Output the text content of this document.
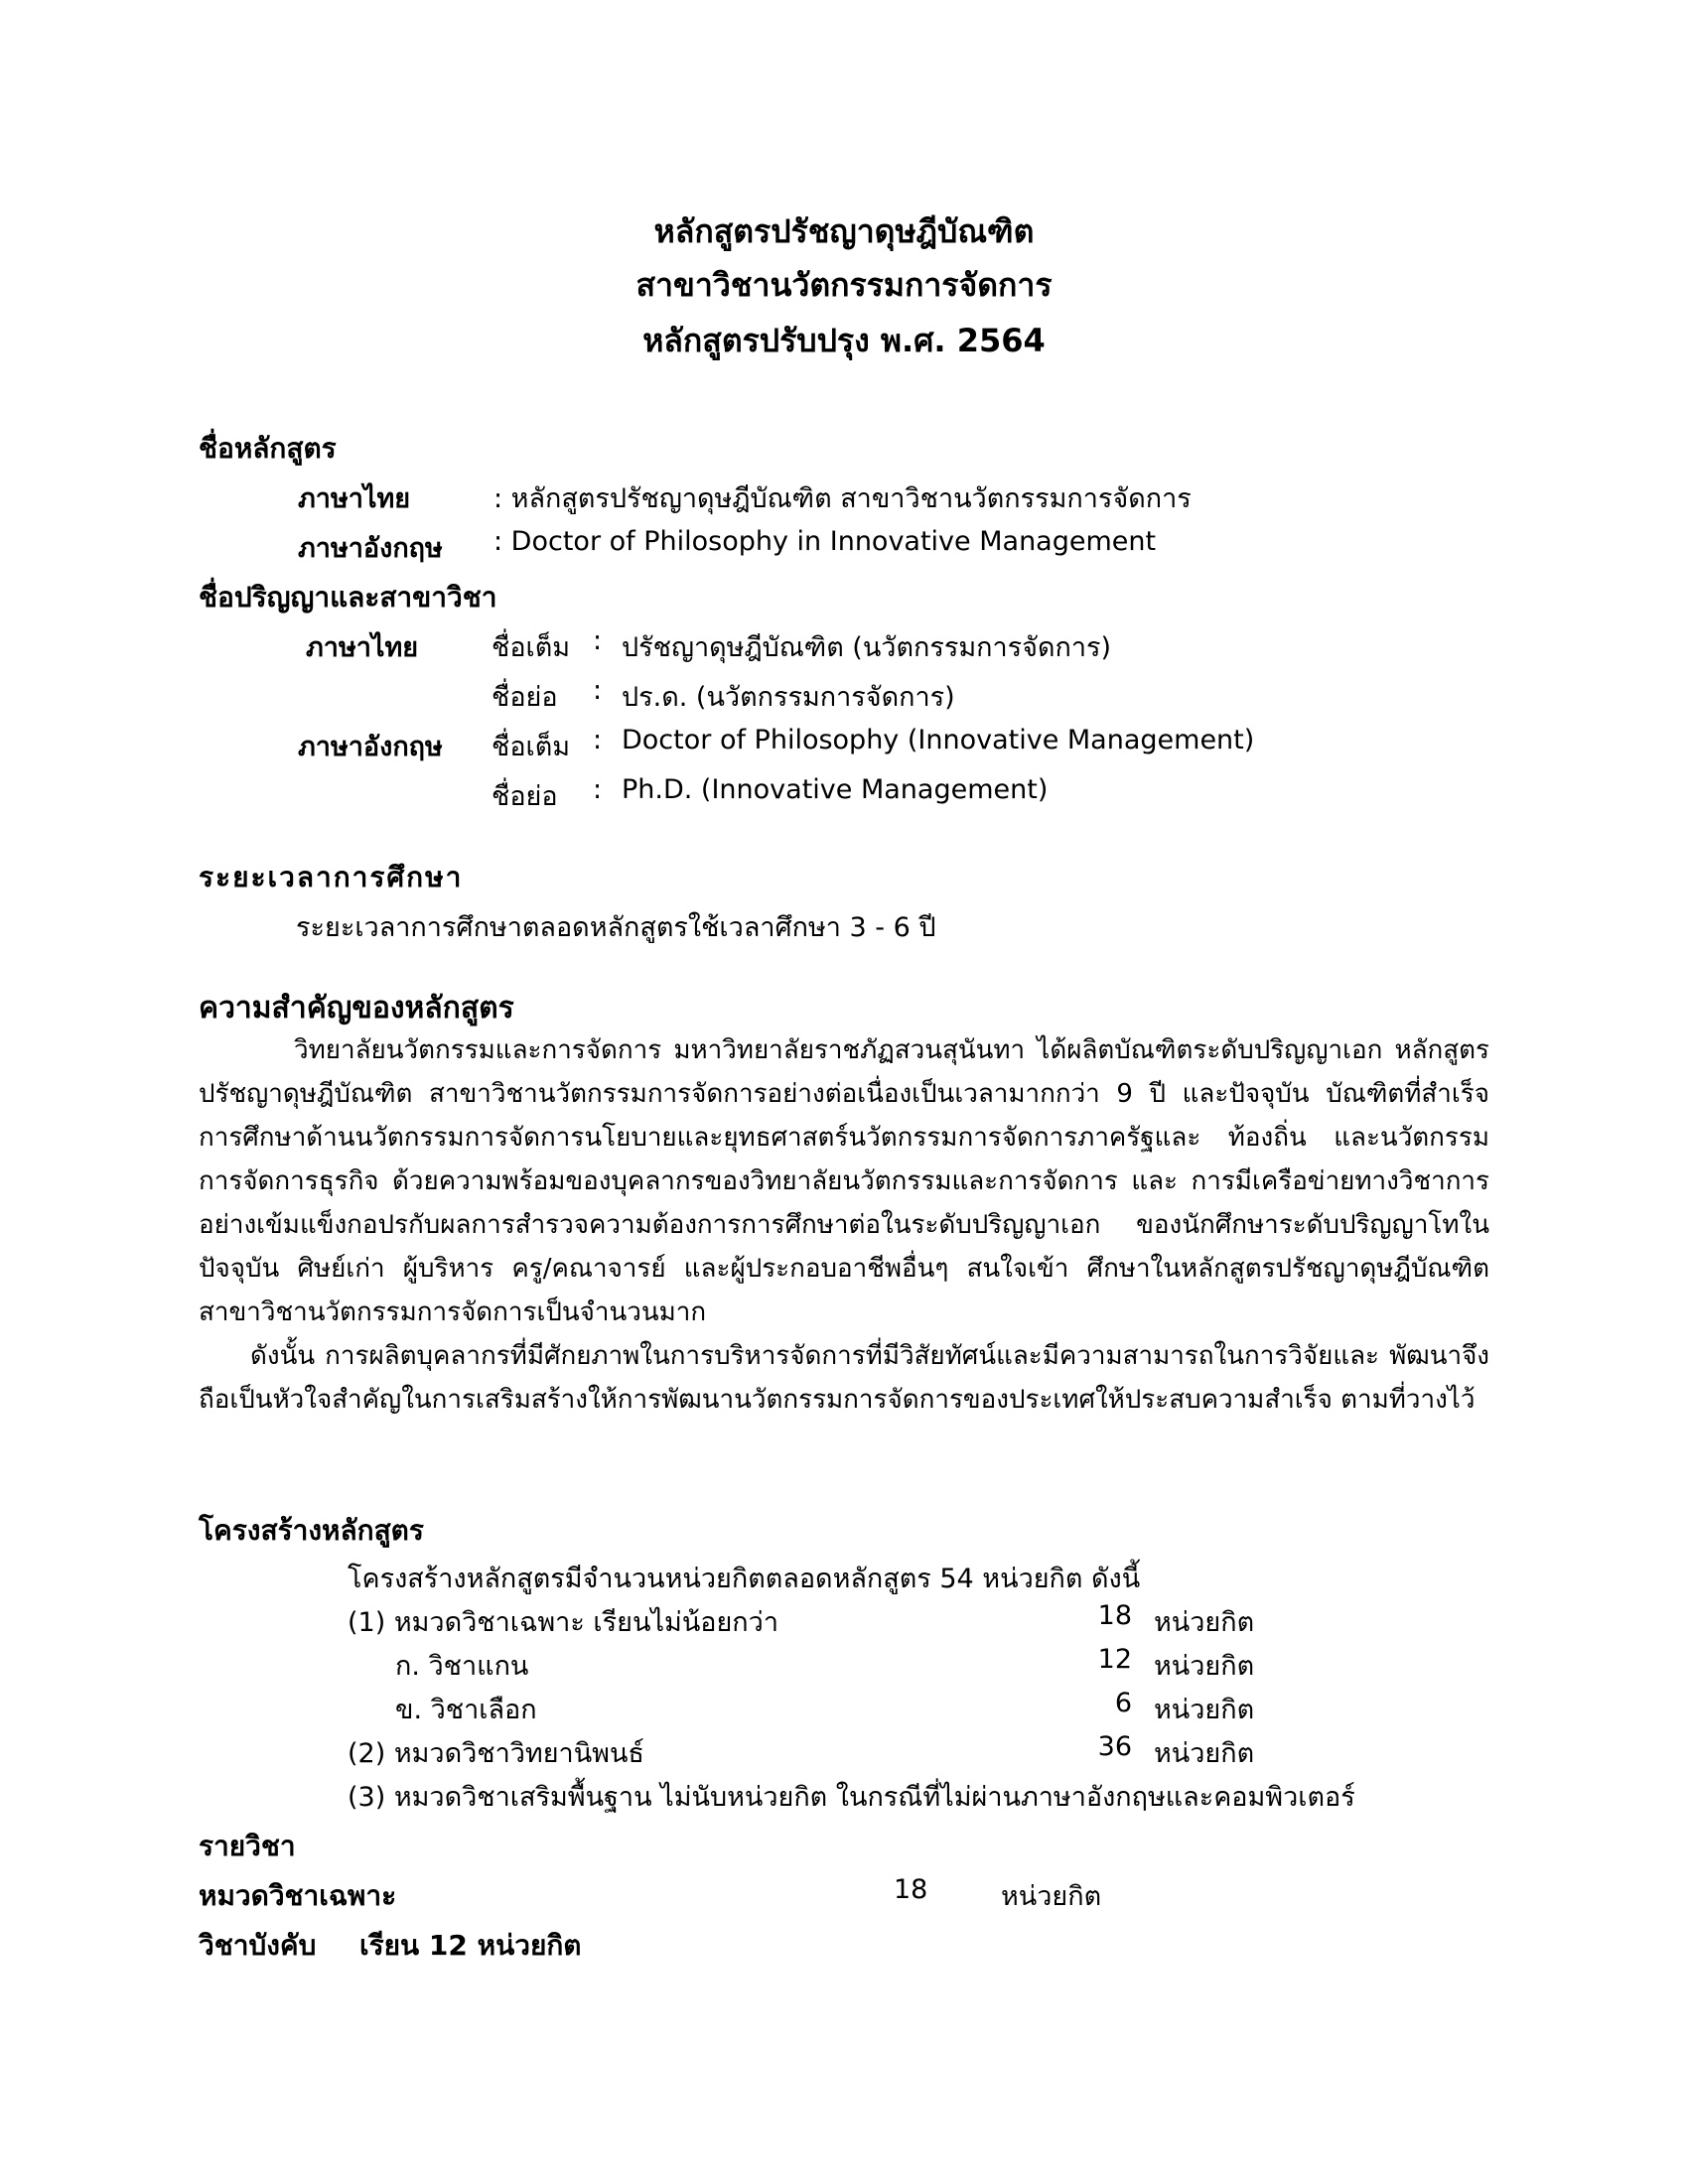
หลักสูตรปรัชญาดุษฎีบัณฑิต
สาขาวิชานวัตกรรมการจัดการ
หลักสูตรปรับปรุง พ.ศ. 2564
ชื่อหลักสูตร
ภาษาไทย	: หลักสูตรปรัชญาดุษฎีบัณฑิต สาขาวิชานวัตกรรมการจัดการ
ภาษาอังกฤษ : Doctor of Philosophy in Innovative Management
ชื่อปริญญาและสาขาวิชา
ภาษาไทย	ชื่อเต็ม : ปรัชญาดุษฎีบัณฑิต (นวัตกรรมการจัดการ)
ชื่อย่อ : ปร.ด. (นวัตกรรมการจัดการ)
ภาษาอังกฤษ ชื่อเต็ม : Doctor of Philosophy (Innovative Management)
ชื่อย่อ : Ph.D. (Innovative Management)
ระยะเวลาการศึกษา
ระยะเวลาการศึกษาตลอดหลักสูตรใช้เวลาศึกษา 3 - 6 ปี
ความสำคัญของหลักสูตร

วิทยาลัยนวัตกรรมและการจัดการ มหาวิทยาลัยราชภัฏสวนสุนันทา ได้ผลิตบัณฑิตระดับปริญญาเอก หลักสูตรปรัชญาดุษฎีบัณฑิต สาขาวิชานวัตกรรมการจัดการอย่างต่อเนื่องเป็นเวลามากกว่า 9 ปี และปัจจุบัน บัณฑิตที่สำเร็จการศึกษาด้านนวัตกรรมการจัดการนโยบายและยุทธศาสตร์นวัตกรรมการจัดการภาครัฐและ ท้องถิ่น และนวัตกรรมการจัดการธุรกิจ ด้วยความพร้อมของบุคลากรของวิทยาลัยนวัตกรรมและการจัดการ และ การมีเครือข่ายทางวิชาการอย่างเข้มแข็งกอปรกับผลการสำรวจความต้องการการศึกษาต่อในระดับปริญญาเอก ของนักศึกษาระดับปริญญาโทในปัจจุบัน ศิษย์เก่า ผู้บริหาร ครู/คณาจารย์ และผู้ประกอบอาชีพอื่นๆ สนใจเข้า ศึกษาในหลักสูตรปรัชญาดุษฎีบัณฑิต สาขาวิชานวัตกรรมการจัดการเป็นจำนวนมาก

ดังนั้น การผลิตบุคลากรที่มีศักยภาพในการบริหารจัดการที่มีวิสัยทัศน์และมีความสามารถในการวิจัยและ พัฒนาจึงถือเป็นหัวใจสำคัญในการเสริมสร้างให้การพัฒนานวัตกรรมการจัดการของประเทศให้ประสบความสำเร็จ ตามที่วางไว้

โครงสร้างหลักสูตร
โครงสร้างหลักสูตรมีจำนวนหน่วยกิตตลอดหลักสูตร 54 หน่วยกิต ดังนี้
(1) หมวดวิชาเฉพาะ เรียนไม่น้อยกว่า	18 หน่วยกิต
ก. วิชาแกน	12 หน่วยกิต
ข. วิชาเลือก	6 หน่วยกิต
(2) หมวดวิชาวิทยานิพนธ์	36 หน่วยกิต
(3) หมวดวิชาเสริมพื้นฐาน ไม่นับหน่วยกิต ในกรณีที่ไม่ผ่านภาษาอังกฤษและคอมพิวเตอร์
รายวิชา
หมวดวิชาเฉพาะ	18	หน่วยกิต
วิชาบังคับ เรียน 12 หน่วยกิต
